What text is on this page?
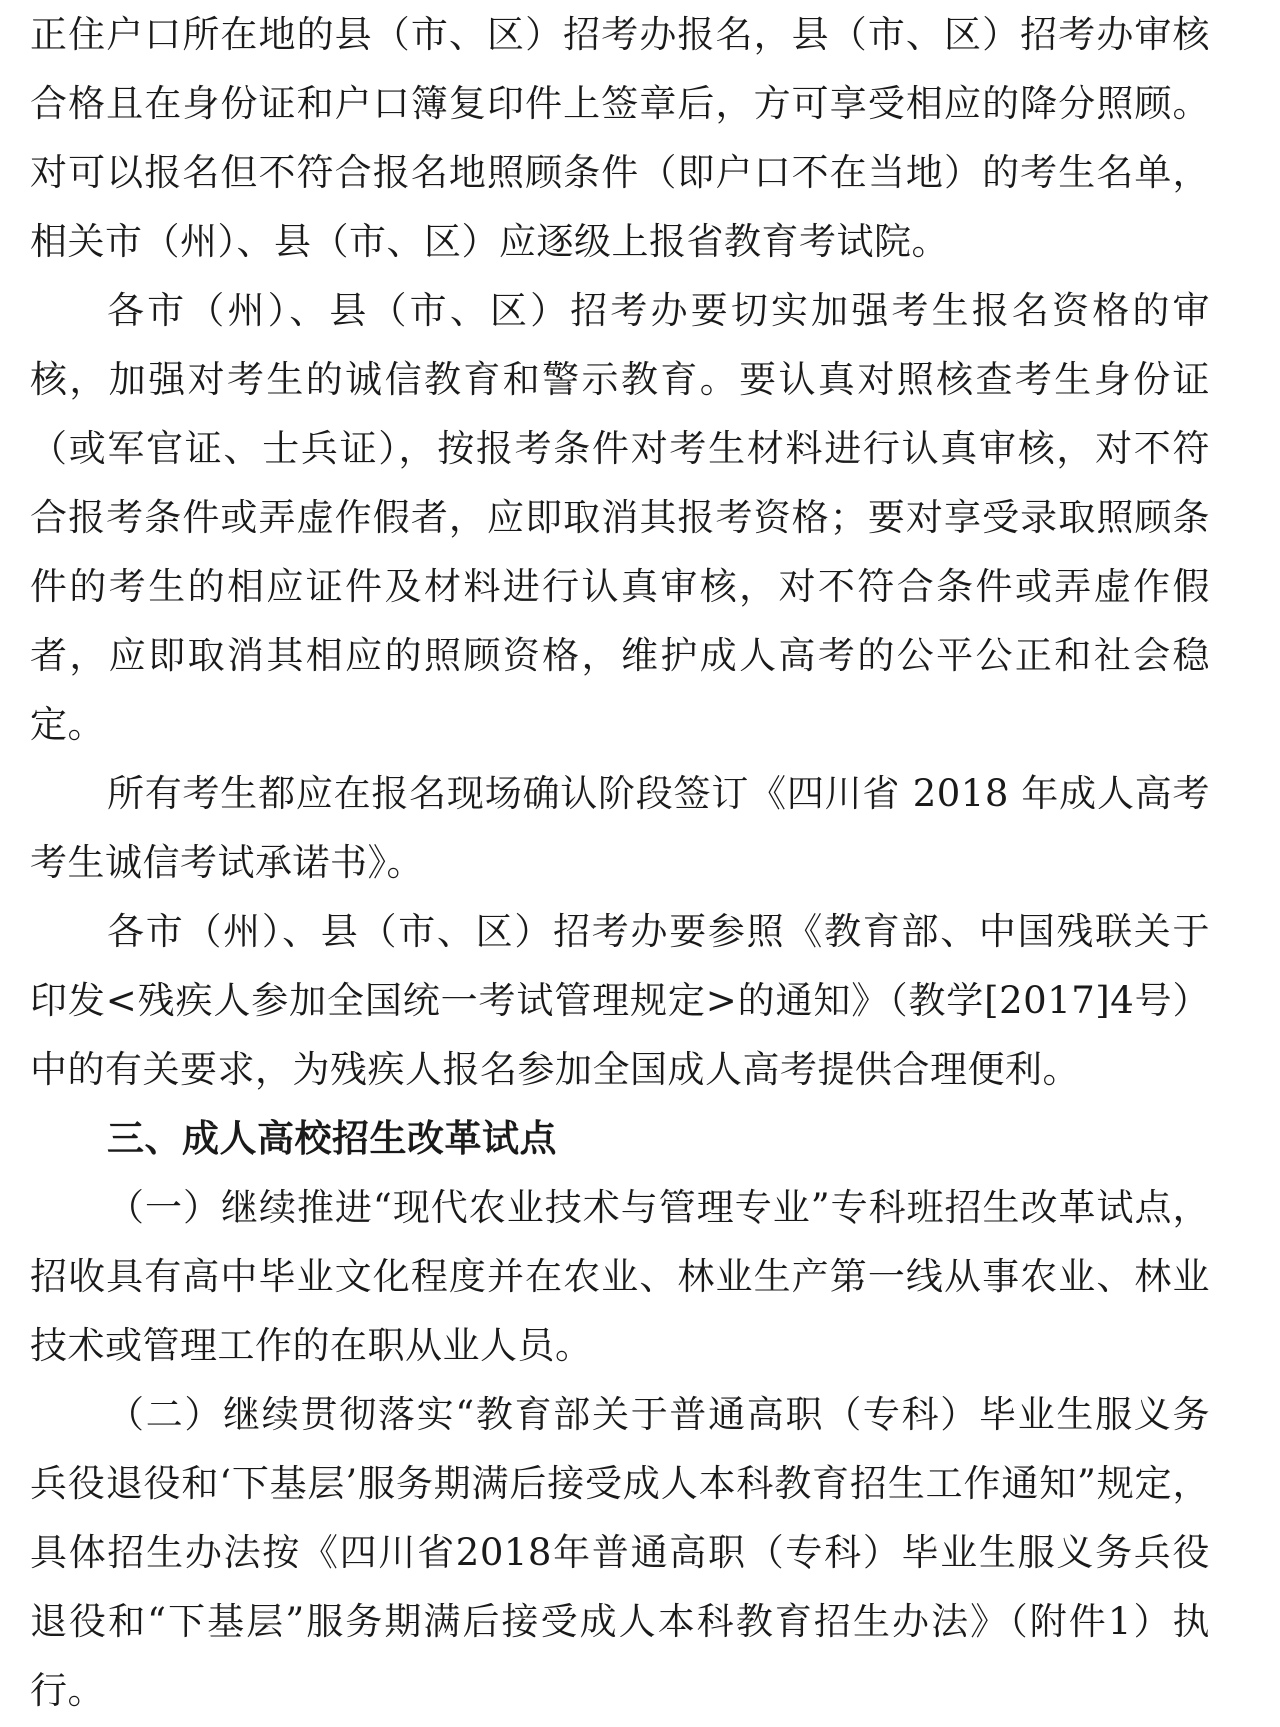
正住户口所在地的县（市、区）招考办报名，县（市、区）招考办审核合格且在身份证和户口簿复印件上签章后，方可享受相应的降分照顾。对可以报名但不符合报名地照顾条件（即户口不在当地）的考生名单，相关市（州）、县（市、区）应逐级上报省教育考试院。

各市（州）、县（市、区）招考办要切实加强考生报名资格的审核，加强对考生的诚信教育和警示教育。要认真对照核查考生身份证（或军官证、士兵证），按报考条件对考生材料进行认真审核，对不符合报考条件或弄虚作假者，应即取消其报考资格；要对享受录取照顾条件的考生的相应证件及材料进行认真审核，对不符合条件或弄虚作假者，应即取消其相应的照顾资格，维护成人高考的公平公正和社会稳定。

所有考生都应在报名现场确认阶段签订《四川省 2018 年成人高考考生诚信考试承诺书》。

各市（州）、县（市、区）招考办要参照《教育部、中国残联关于印发<残疾人参加全国统一考试管理规定>的通知》（教学[2017]4号）中的有关要求，为残疾人报名参加全国成人高考提供合理便利。

三、成人高校招生改革试点

（一）继续推进“现代农业技术与管理专业”专科班招生改革试点，招收具有高中毕业文化程度并在农业、林业生产第一线从事农业、林业技术或管理工作的在职从业人员。

（二）继续贯彻落实“教育部关于普通高职（专科）毕业生服义务兵役退役和‘下基层’服务期满后接受成人本科教育招生工作通知”规定，具体招生办法按《四川省2018年普通高职（专科）毕业生服义务兵役退役和“下基层”服务期满后接受成人本科教育招生办法》（附件1）执行。
